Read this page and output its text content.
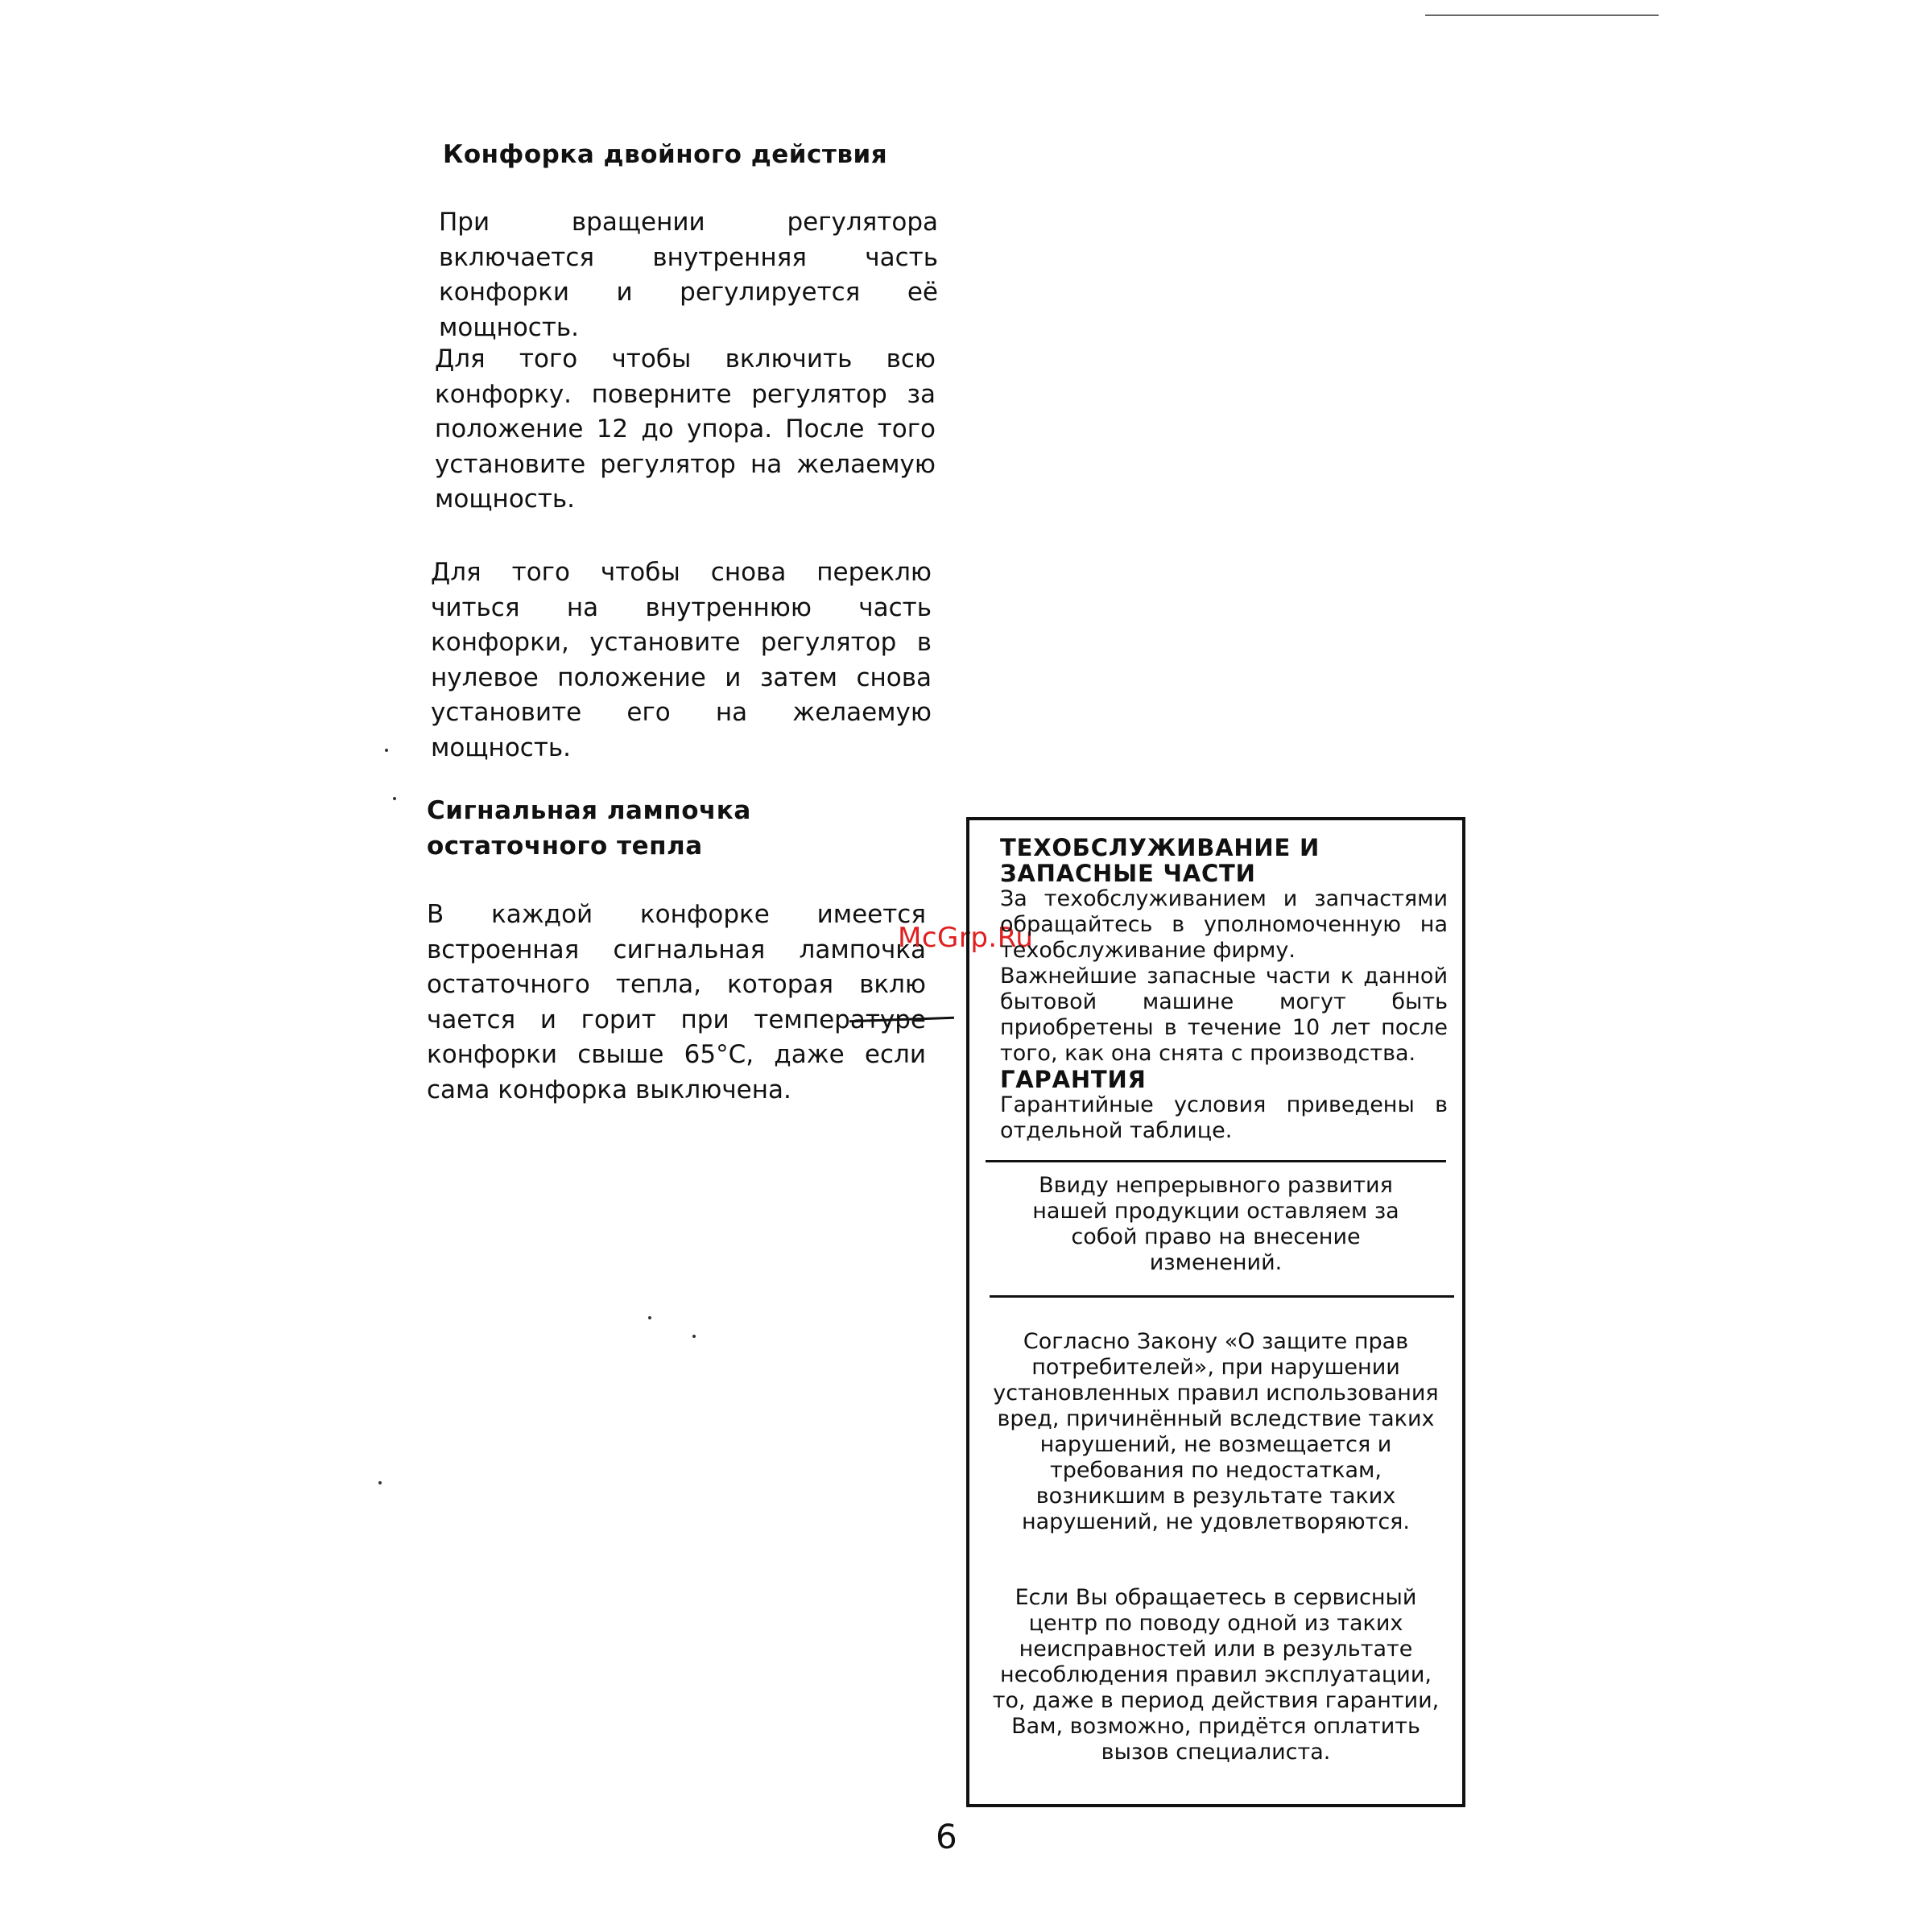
Конфорка двойного действия

При вращении регулятора включается внутренняя часть конфорки и регулируется её мощность.

Для того чтобы включить всю конфорку. поверните регулятор за положение 12 до упора. После того установите регулятор на желаемую мощность.

Для того чтобы снова переклю читься на внутреннюю часть конфорки, установите регулятор в нулевое положение и затем снова установите его на желаемую мощность.

Сигнальная лампочка остаточного тепла

В каждой конфорке имеется встроенная сигнальная лампочка остаточного тепла, которая вклю чается и горит при температуре конфорки свыше 65°С, даже если сама конфорка выключена.

McGrp.Ru

ТЕХОБСЛУЖИВАНИЕ И ЗАПАСНЫЕ ЧАСТИ

За техобслуживанием и запчастями обращайтесь в уполномоченную на техобслуживание фирму.

Важнейшие запасные части к данной бытовой машине могут быть приобретены в течение 10 лет после того, как она снята с производства.

ГАРАНТИЯ

Гарантийные условия приведены в отдельной таблице.

Ввиду непрерывного развития нашей продукции оставляем за собой право на внесение изменений.

Согласно Закону «О защите прав потребителей», при нарушении установленных правил использования вред, причинённый вследствие таких нарушений, не возмещается и требования по недостаткам, возникшим в результате таких нарушений, не удовлетворяются.

Если Вы обращаетесь в сервисный центр по поводу одной из таких неисправностей или в результате несоблюдения правил эксплуатации, то, даже в период действия гарантии, Вам, возможно, придётся оплатить вызов специалиста.

6
